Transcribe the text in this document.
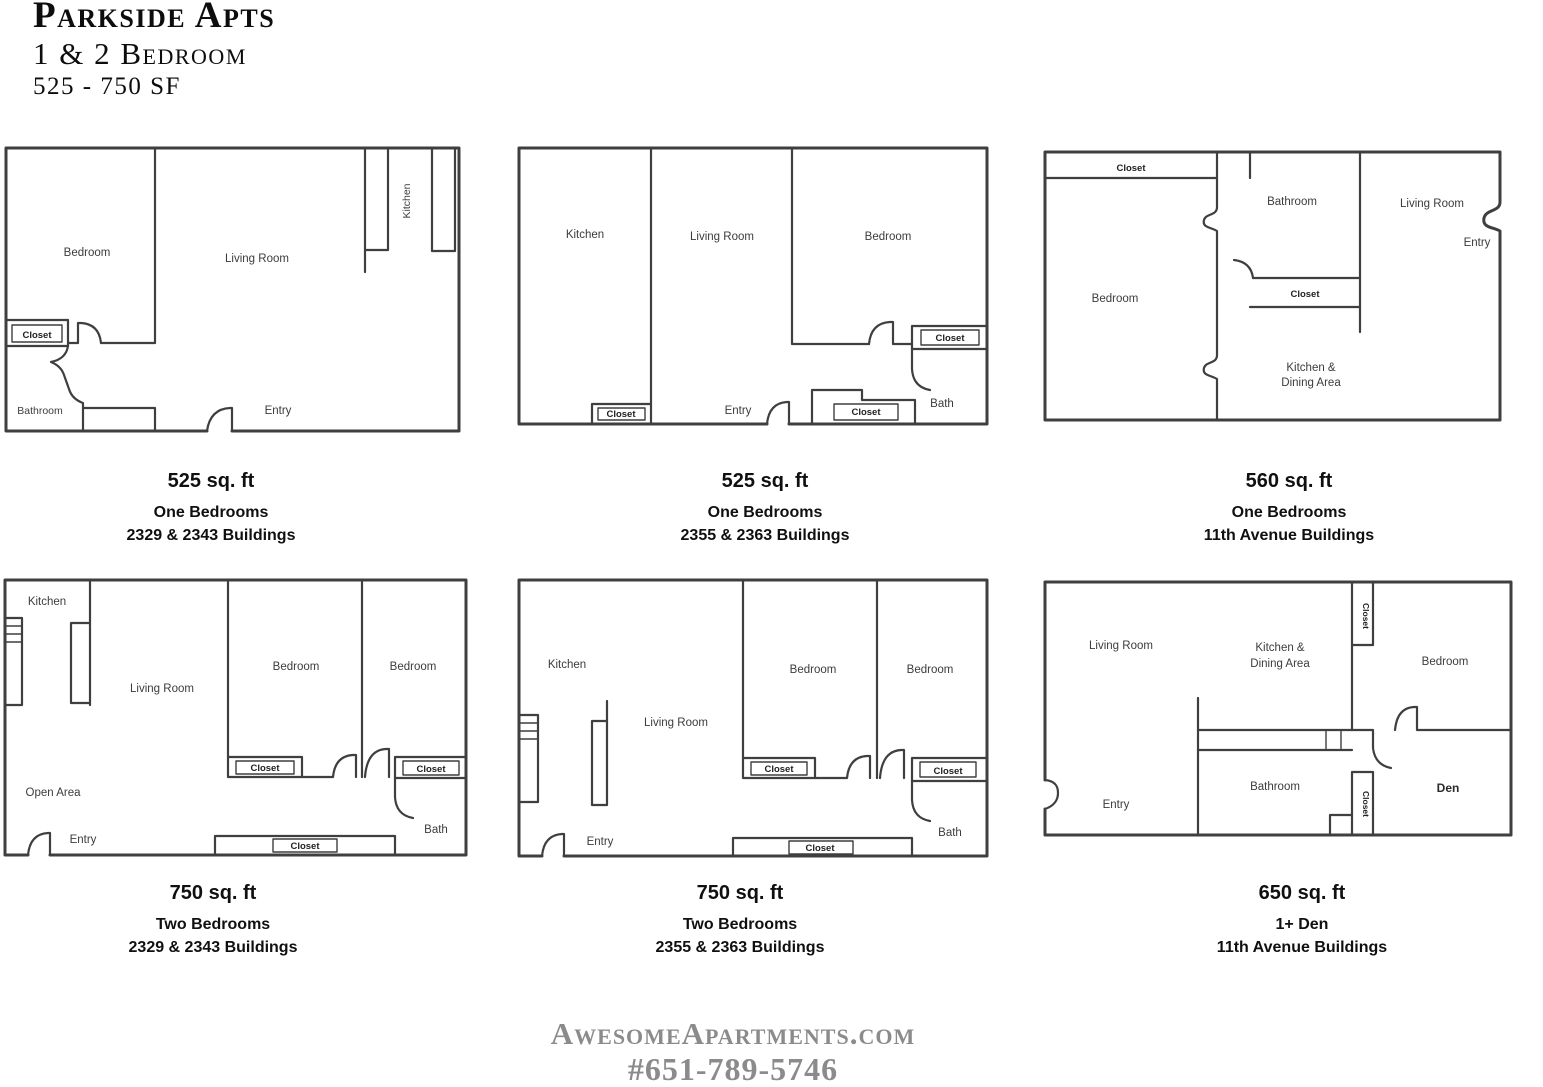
Parkside Apts
1 & 2 Bedroom
525 - 750 SF
Bedroom	Living Room
Kitchen
Closet
Bathroom	Entry
Kitchen	Living Room	Bedroom
Closet
Closet
Closet
Entry
Bath
Closet
Bathroom	Living Room
Entry
Bedroom	Closet
Kitchen &
Dining Area
Kitchen
Living Room
Bedroom	Bedroom
Closet	Closet
Open Area
Entry
Closet
Bath
Kitchen
Living Room
Bedroom	Bedroom
Closet	Closet
Entry
Closet
Bath
Living Room	Kitchen &
Dining Area
Closet
Bedroom
Entry
Bathroom
Closet
Den
525 sq. ft
One Bedrooms
2329 & 2343 Buildings
525 sq. ft
One Bedrooms
2355 & 2363 Buildings
560 sq. ft
One Bedrooms
11th Avenue Buildings
750 sq. ft
Two Bedrooms
2329 & 2343 Buildings
750 sq. ft
Two Bedrooms
2355 & 2363 Buildings
650 sq. ft
1+ Den
11th Avenue Buildings
AwesomeApartments.com
#651-789-5746
